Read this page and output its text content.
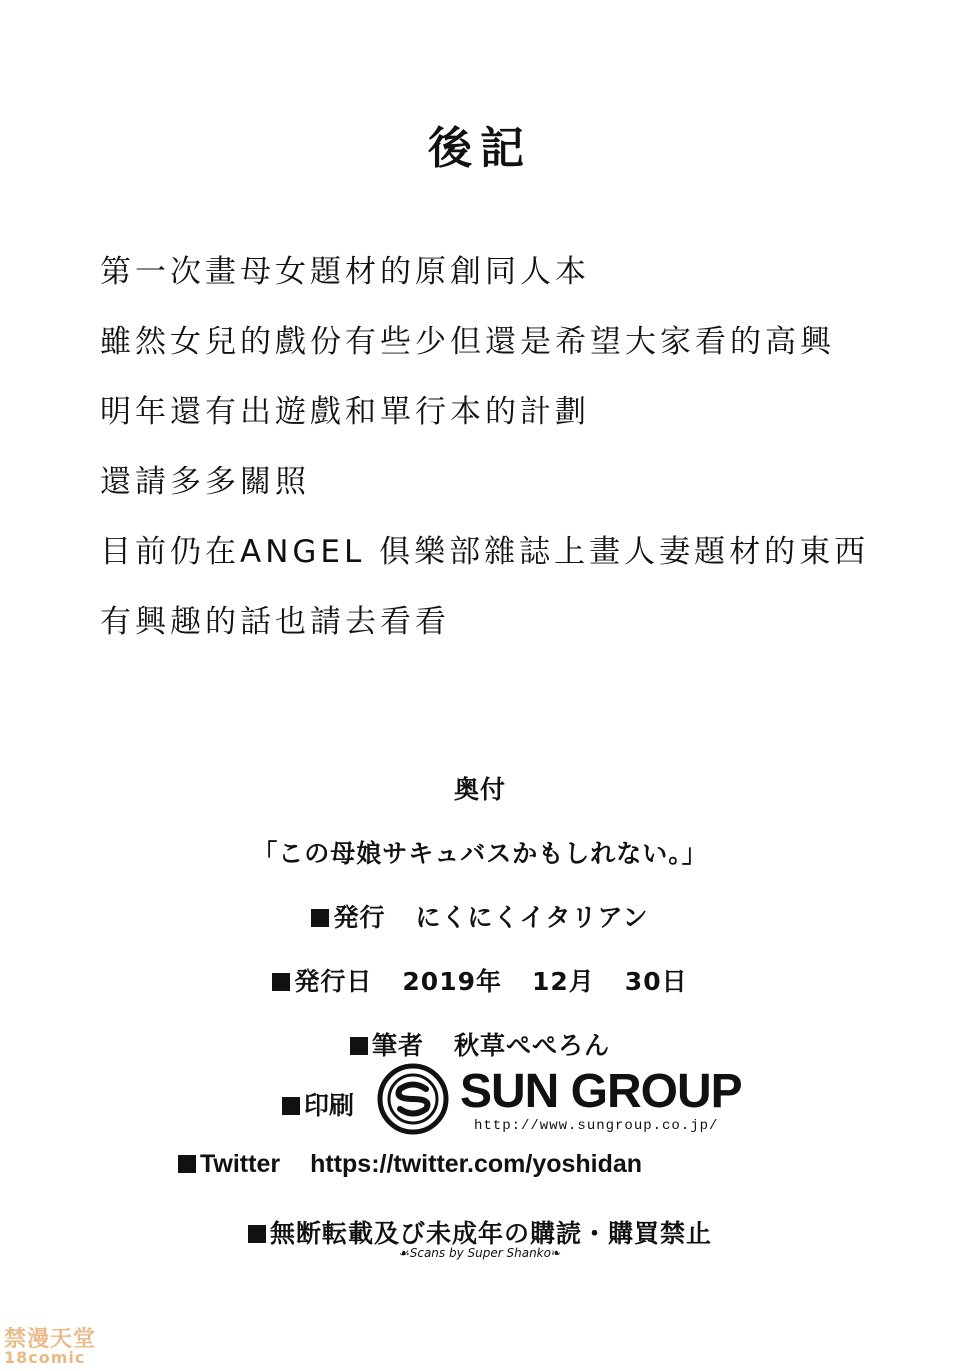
後記
第一次畫母女題材的原創同人本
雖然女兒的戲份有些少但還是希望大家看的高興
明年還有出遊戲和單行本的計劃
還請多多關照
目前仍在ANGEL 俱樂部雜誌上畫人妻題材的東西
有興趣的話也請去看看
奥付
「この母娘サキュバスかもしれない。」
発行 にくにくイタリアン
発行日 2019年 12月 30日
筆者 秋草ぺぺろん
印刷 SUN GROUP
http://www.sungroup.co.jp/
Twitter https://twitter.com/yoshidan
無断転載及び未成年の購読・購買禁止
☙Scans by Super Shanko❧
禁漫天堂
18comic
